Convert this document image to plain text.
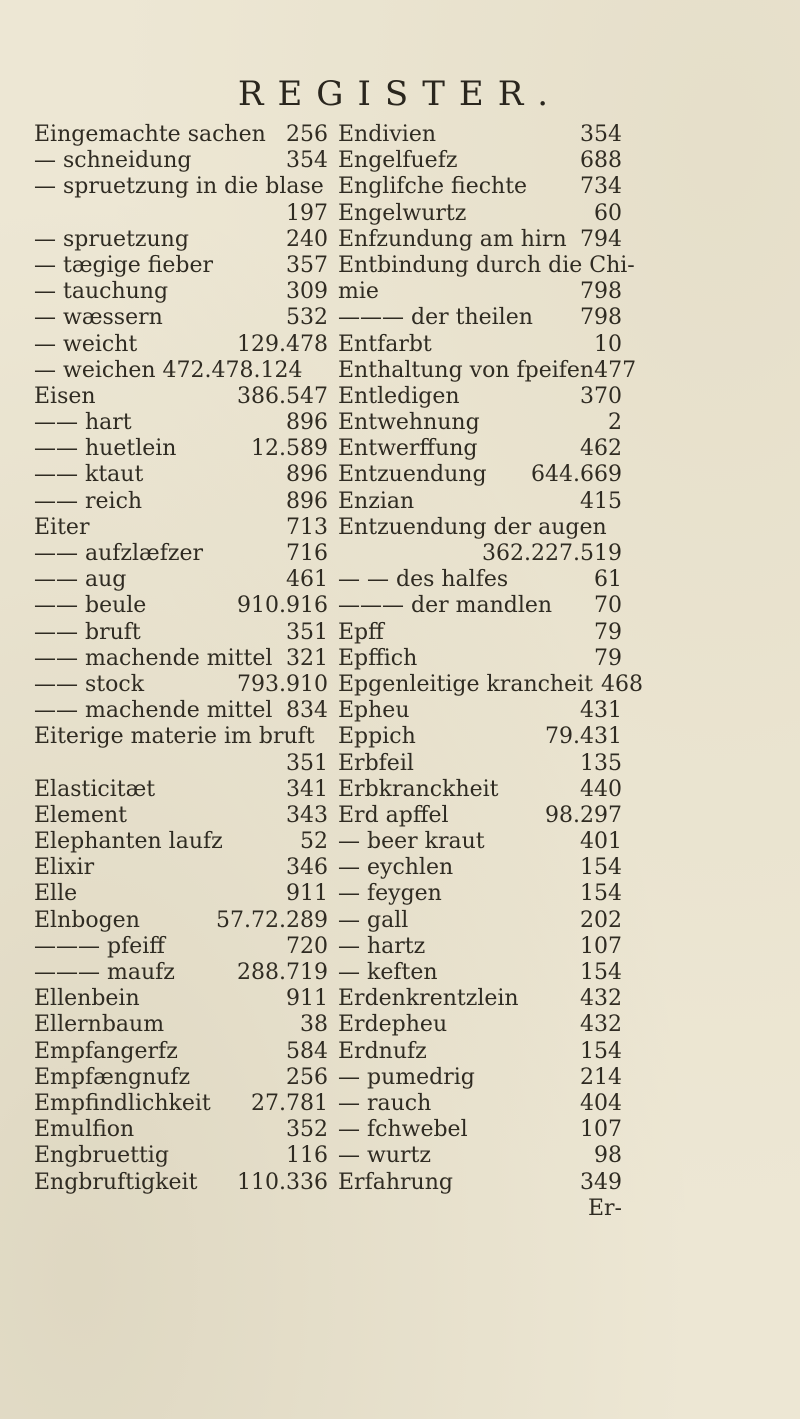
REGISTER.
Eingemachte sachen 256
— schneidung	354
— spruetzung in die blase
197
— spruetzung	240
— tægige fieber	357
— tauchung	309
— wæssern	532
— weicht	129.478
— weichen 472.478.124
Eisen	386.547
—— hart	896
—— huetlein	12.589
—— ktaut	896
—— reich	896
Eiter	713
—— aufzlæfzer	716
—— aug	461
—— beule	910.916
—— bruft	351
—— machende mittel 321
—— stock	793.910
—— machende mittel 834
Eiterige materie im bruft
351
Elasticitæt	341
Element	343
Elephanten laufz	52
Elixir	346
Elle	911
Elnbogen	57.72.289
——— pfeiff	720
——— maufz	288.719
Ellenbein	911
Ellernbaum	38
Empfangerfz	584
Empfængnufz	256
Empfindlichkeit	27.781
Emulfion	352
Engbruettig	116
Engbruftigkeit	110.336
Endivien	354
Engelfuefz	688
Englifche fiechte	734
Engelwurtz	60
Enfzundung am hirn 794
Entbindung durch die Chi-
mie	798
——— der theilen	798
Entfarbt	10
Enthaltung von fpeifen477
Entledigen	370
Entwehnung	2
Entwerffung	462
Entzuendung	644.669
Enzian	415
Entzuendung der augen
362.227.519
— — des halfes	61
——— der mandlen	70
Epff	79
Epffich	79
Epgenleitige krancheit 468
Epheu	431
Eppich	79.431
Erbfeil	135
Erbkranckheit	440
Erd apffel	98.297
— beer kraut	401
— eychlen	154
— feygen	154
— gall	202
— hartz	107
— keften	154
Erdenkrentzlein	432
Erdepheu	432
Erdnufz	154
— pumedrig	214
— rauch	404
— fchwebel	107
— wurtz	98
Erfahrung	349
Er-
